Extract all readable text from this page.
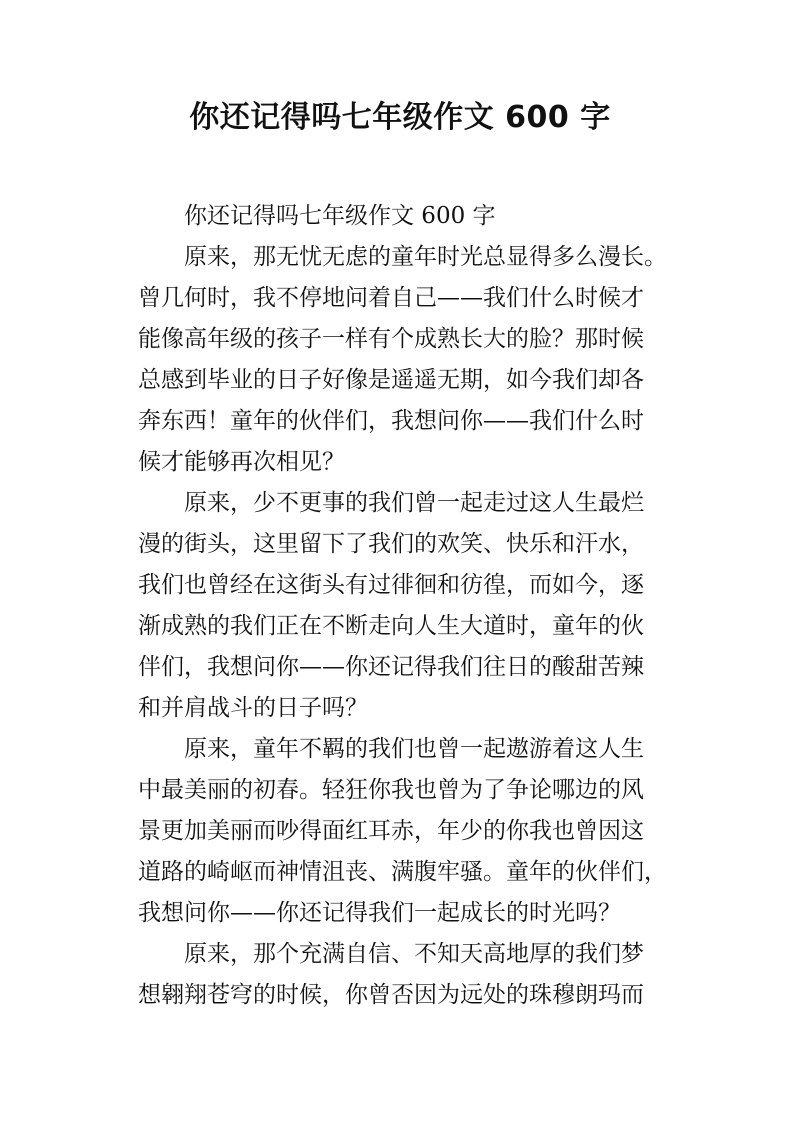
你还记得吗七年级作文 600 字
你还记得吗七年级作文 600 字
原来，那无忧无虑的童年时光总显得多么漫长。
曾几何时，我不停地问着自己——我们什么时候才
能像高年级的孩子一样有个成熟长大的脸？那时候
总感到毕业的日子好像是遥遥无期，如今我们却各
奔东西！童年的伙伴们，我想问你——我们什么时
候才能够再次相见？
原来，少不更事的我们曾一起走过这人生最烂
漫的街头，这里留下了我们的欢笑、快乐和汗水，
我们也曾经在这街头有过徘徊和彷徨，而如今，逐
渐成熟的我们正在不断走向人生大道时，童年的伙
伴们，我想问你——你还记得我们往日的酸甜苦辣
和并肩战斗的日子吗？
原来，童年不羁的我们也曾一起遨游着这人生
中最美丽的初春。轻狂你我也曾为了争论哪边的风
景更加美丽而吵得面红耳赤，年少的你我也曾因这
道路的崎岖而神情沮丧、满腹牢骚。童年的伙伴们，
我想问你——你还记得我们一起成长的时光吗？
原来，那个充满自信、不知天高地厚的我们梦
想翱翔苍穹的时候，你曾否因为远处的珠穆朗玛而
